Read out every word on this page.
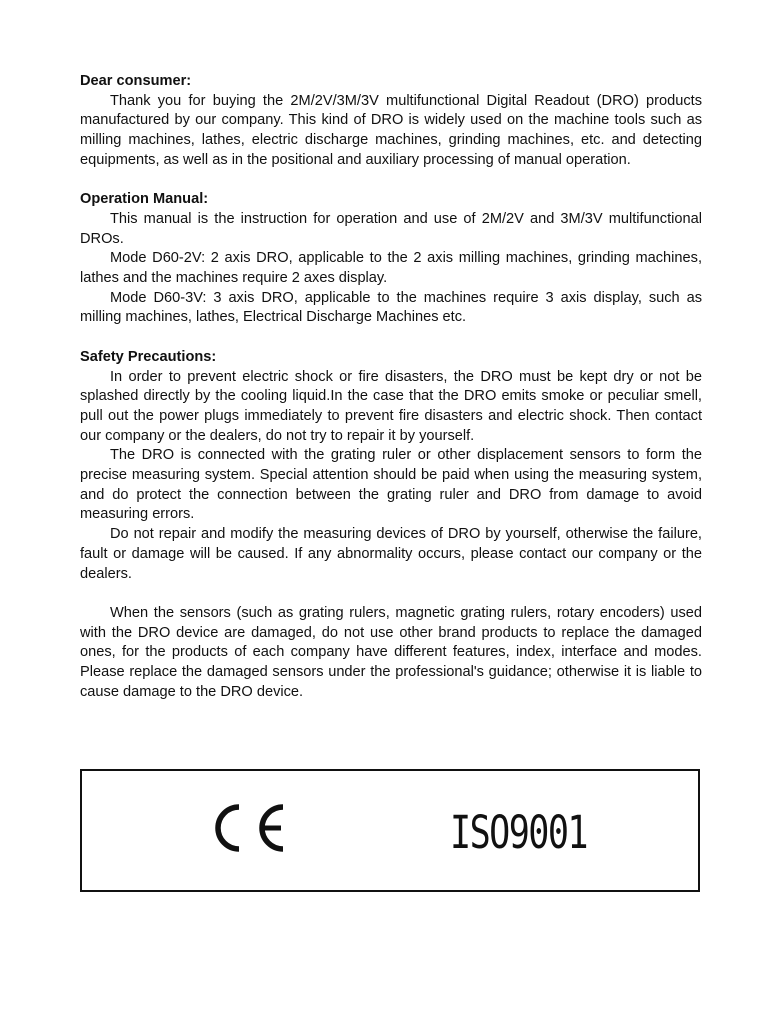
Dear consumer:

Thank you for buying the 2M/2V/3M/3V multifunctional Digital Readout (DRO) products manufactured by our company. This kind of DRO is widely used on the machine tools such as milling machines, lathes, electric discharge machines, grinding machines, etc. and detecting equipments, as well as in the positional and auxiliary processing of manual operation.

Operation Manual:

This manual is the instruction for operation and use of 2M/2V and 3M/3V multifunctional DROs.

Mode D60-2V: 2 axis DRO, applicable to the 2 axis milling machines, grinding machines, lathes and the machines require 2 axes display.

Mode D60-3V: 3 axis DRO, applicable to the machines require 3 axis display, such as milling machines, lathes, Electrical Discharge Machines etc.

Safety Precautions:

In order to prevent electric shock or fire disasters, the DRO must be kept dry or not be splashed directly by the cooling liquid.In the case that the DRO emits smoke or peculiar smell, pull out the power plugs immediately to prevent fire disasters and electric shock. Then contact our company or the dealers, do not try to repair it by yourself.

The DRO is connected with the grating ruler or other displacement sensors to form the precise measuring system. Special attention should be paid when using the measuring system, and do protect the connection between the grating ruler and DRO from damage to avoid measuring errors.

Do not repair and modify the measuring devices of DRO by yourself, otherwise the failure, fault or damage will be caused. If any abnormality occurs, please contact our company or the dealers.

When the sensors (such as grating rulers, magnetic grating rulers, rotary encoders) used with the DRO device are damaged, do not use other brand products to replace the damaged ones, for the products of each company have different features, index, interface and modes. Please replace the damaged sensors under the professional's guidance; otherwise it is liable to cause damage to the DRO device.

ISO9001
